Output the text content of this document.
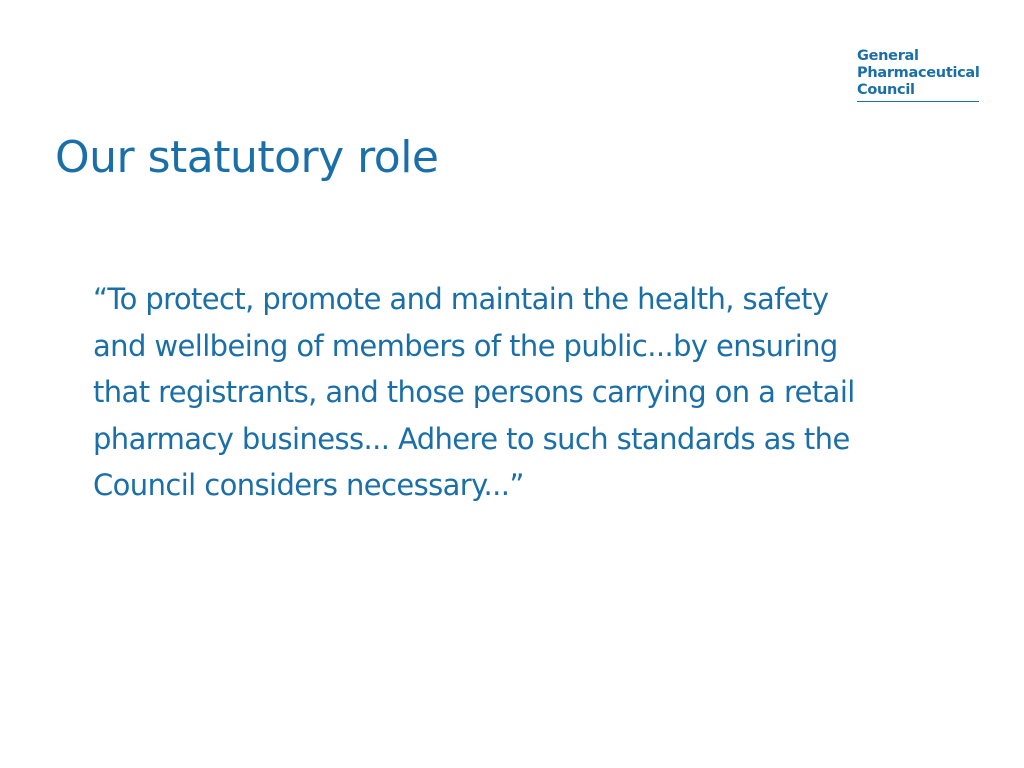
General
Pharmaceutical
Council
Our statutory role
“To protect, promote and maintain the health, safety
and wellbeing of members of the public...by ensuring
that registrants, and those persons carrying on a retail
pharmacy business... Adhere to such standards as the
Council considers necessary...”
